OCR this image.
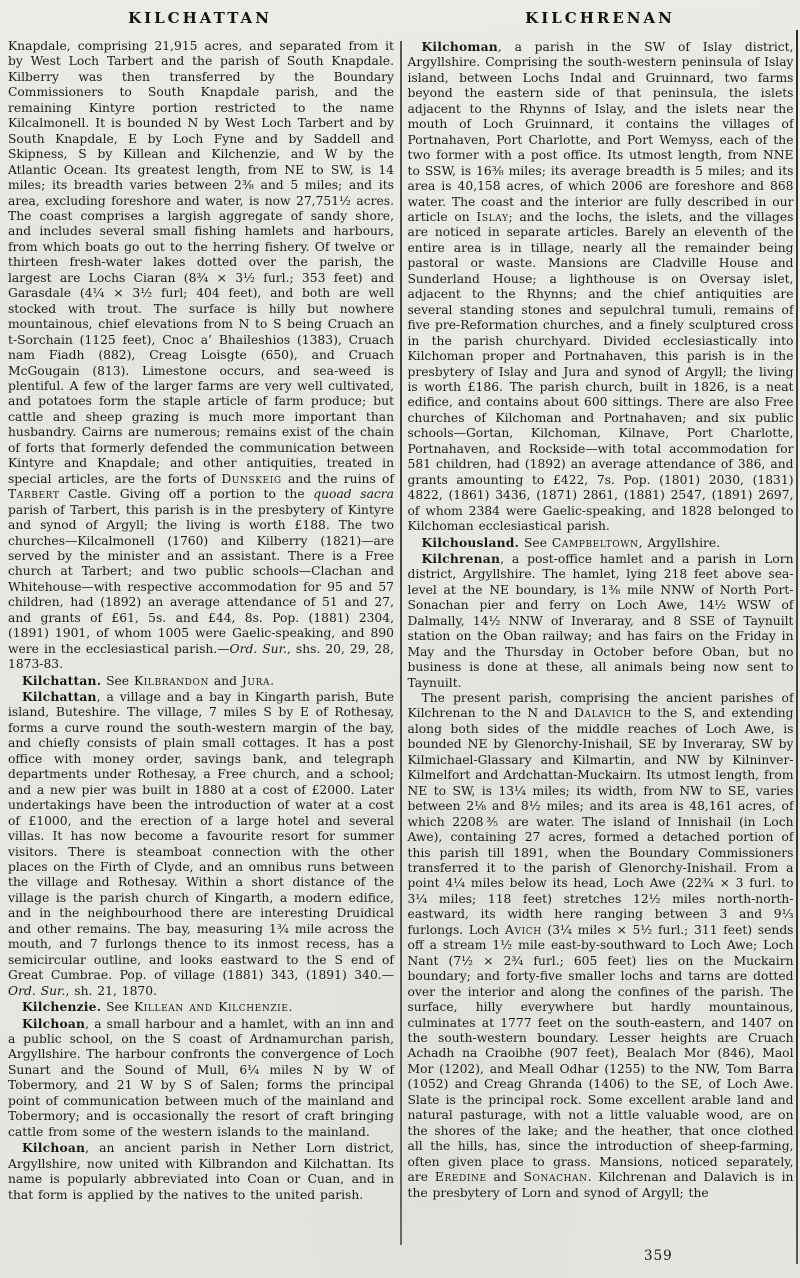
KILCHATTAN	KILCHRENAN

Knapdale, comprising 21,915 acres, and separated from it by West Loch Tarbert and the parish of South Knapdale. Kilberry was then transferred by the Boundary Commissioners to South Knapdale parish, and the remaining Kintyre portion restricted to the name Kilcalmonell. It is bounded N by West Loch Tarbert and by South Knapdale, E by Loch Fyne and by Saddell and Skipness, S by Killean and Kilchenzie, and W by the Atlantic Ocean. Its greatest length, from NE to SW, is 14 miles; its breadth varies between 2⅜ and 5 miles; and its area, excluding foreshore and water, is now 27,751½ acres. The coast comprises a largish aggregate of sandy shore, and includes several small fishing hamlets and harbours, from which boats go out to the herring fishery. Of twelve or thirteen fresh-water lakes dotted over the parish, the largest are Lochs Ciaran (8¾ × 3½ furl.; 353 feet) and Garasdale (4¼ × 3½ furl; 404 feet), and both are well stocked with trout. The surface is hilly but nowhere mountainous, chief elevations from N to S being Cruach an t-Sorchain (1125 feet), Cnoc a’ Bhaileshios (1383), Cruach nam Fiadh (882), Creag Loisgte (650), and Cruach McGougain (813). Limestone occurs, and sea-weed is plentiful. A few of the larger farms are very well cultivated, and potatoes form the staple article of farm produce; but cattle and sheep grazing is much more important than husbandry. Cairns are numerous; remains exist of the chain of forts that formerly defended the communication between Kintyre and Knapdale; and other antiquities, treated in special articles, are the forts of Dunskeig and the ruins of Tarbert Castle. Giving off a portion to the quoad sacra parish of Tarbert, this parish is in the presbytery of Kintyre and synod of Argyll; the living is worth £188. The two churches—Kilcalmonell (1760) and Kilberry (1821)—are served by the minister and an assistant. There is a Free church at Tarbert; and two public schools—Clachan and Whitehouse—with respective accommodation for 95 and 57 children, had (1892) an average attendance of 51 and 27, and grants of £61, 5s. and £44, 8s. Pop. (1881) 2304, (1891) 1901, of whom 1005 were Gaelic-speaking, and 890 were in the ecclesiastical parish.—Ord. Sur., shs. 20, 29, 28, 1873-83.

Kilchattan. See Kilbrandon and Jura.

Kilchattan, a village and a bay in Kingarth parish, Bute island, Buteshire. The village, 7 miles S by E of Rothesay, forms a curve round the south-western margin of the bay, and chiefly consists of plain small cottages. It has a post office with money order, savings bank, and telegraph departments under Rothesay, a Free church, and a school; and a new pier was built in 1880 at a cost of £2000. Later undertakings have been the introduction of water at a cost of £1000, and the erection of a large hotel and several villas. It has now become a favourite resort for summer visitors. There is steamboat connection with the other places on the Firth of Clyde, and an omnibus runs between the village and Rothesay. Within a short distance of the village is the parish church of Kingarth, a modern edifice, and in the neighbourhood there are interesting Druidical and other remains. The bay, measuring 1¾ mile across the mouth, and 7 furlongs thence to its inmost recess, has a semicircular outline, and looks eastward to the S end of Great Cumbrae. Pop. of village (1881) 343, (1891) 340.—Ord. Sur., sh. 21, 1870.

Kilchenzie. See Killean and Kilchenzie.

Kilchoan, a small harbour and a hamlet, with an inn and a public school, on the S coast of Ardnamurchan parish, Argyllshire. The harbour confronts the convergence of Loch Sunart and the Sound of Mull, 6¼ miles N by W of Tobermory, and 21 W by S of Salen; forms the principal point of communication between much of the mainland and Tobermory; and is occasionally the resort of craft bringing cattle from some of the western islands to the mainland.

Kilchoan, an ancient parish in Nether Lorn district, Argyllshire, now united with Kilbrandon and Kilchattan. Its name is popularly abbreviated into Coan or Cuan, and in that form is applied by the natives to the united parish.

Kilchoman, a parish in the SW of Islay district, Argyllshire. Comprising the south-western peninsula of Islay island, between Lochs Indal and Gruinnard, two farms beyond the eastern side of that peninsula, the islets adjacent to the Rhynns of Islay, and the islets near the mouth of Loch Gruinnard, it contains the villages of Portnahaven, Port Charlotte, and Port Wemyss, each of the two former with a post office. Its utmost length, from NNE to SSW, is 16⅜ miles; its average breadth is 5 miles; and its area is 40,158 acres, of which 2006 are foreshore and 868 water. The coast and the interior are fully described in our article on Islay; and the lochs, the islets, and the villages are noticed in separate articles. Barely an eleventh of the entire area is in tillage, nearly all the remainder being pastoral or waste. Mansions are Cladville House and Sunderland House; a lighthouse is on Oversay islet, adjacent to the Rhynns; and the chief antiquities are several standing stones and sepulchral tumuli, remains of five pre-Reformation churches, and a finely sculptured cross in the parish churchyard. Divided ecclesiastically into Kilchoman proper and Portnahaven, this parish is in the presbytery of Islay and Jura and synod of Argyll; the living is worth £186. The parish church, built in 1826, is a neat edifice, and contains about 600 sittings. There are also Free churches of Kilchoman and Portnahaven; and six public schools—Gortan, Kilchoman, Kilnave, Port Charlotte, Portnahaven, and Rockside—with total accommodation for 581 children, had (1892) an average attendance of 386, and grants amounting to £422, 7s. Pop. (1801) 2030, (1831) 4822, (1861) 3436, (1871) 2861, (1881) 2547, (1891) 2697, of whom 2384 were Gaelic-speaking, and 1828 belonged to Kilchoman ecclesiastical parish.

Kilchousland. See Campbeltown, Argyllshire.

Kilchrenan, a post-office hamlet and a parish in Lorn district, Argyllshire. The hamlet, lying 218 feet above sea-level at the NE boundary, is 1⅜ mile NNW of North Port-Sonachan pier and ferry on Loch Awe, 14½ WSW of Dalmally, 14½ NNW of Inveraray, and 8 SSE of Taynuilt station on the Oban railway; and has fairs on the Friday in May and the Thursday in October before Oban, but no business is done at these, all animals being now sent to Taynuilt.

The present parish, comprising the ancient parishes of Kilchrenan to the N and Dalavich to the S, and extending along both sides of the middle reaches of Loch Awe, is bounded NE by Glenorchy-Inishail, SE by Inveraray, SW by Kilmichael-Glassary and Kilmartin, and NW by Kilninver-Kilmelfort and Ardchattan-Muckairn. Its utmost length, from NE to SW, is 13¼ miles; its width, from NW to SE, varies between 2⅛ and 8½ miles; and its area is 48,161 acres, of which 2208⅗ are water. The island of Innishail (in Loch Awe), containing 27 acres, formed a detached portion of this parish till 1891, when the Boundary Commissioners transferred it to the parish of Glenorchy-Inishail. From a point 4¼ miles below its head, Loch Awe (22¾ × 3 furl. to 3¼ miles; 118 feet) stretches 12½ miles north-north-eastward, its width here ranging between 3 and 9⅓ furlongs. Loch Avich (3¼ miles × 5½ furl.; 311 feet) sends off a stream 1½ mile east-by-southward to Loch Awe; Loch Nant (7½ × 2¾ furl.; 605 feet) lies on the Muckairn boundary; and forty-five smaller lochs and tarns are dotted over the interior and along the confines of the parish. The surface, hilly everywhere but hardly mountainous, culminates at 1777 feet on the south-eastern, and 1407 on the south-western boundary. Lesser heights are Cruach Achadh na Craoibhe (907 feet), Bealach Mor (846), Maol Mor (1202), and Meall Odhar (1255) to the NW, Tom Barra (1052) and Creag Ghranda (1406) to the SE, of Loch Awe. Slate is the principal rock. Some excellent arable land and natural pasturage, with not a little valuable wood, are on the shores of the lake; and the heather, that once clothed all the hills, has, since the introduction of sheep-farming, often given place to grass. Mansions, noticed separately, are Eredine and Sonachan. Kilchrenan and Dalavich is in the presbytery of Lorn and synod of Argyll; the

359
